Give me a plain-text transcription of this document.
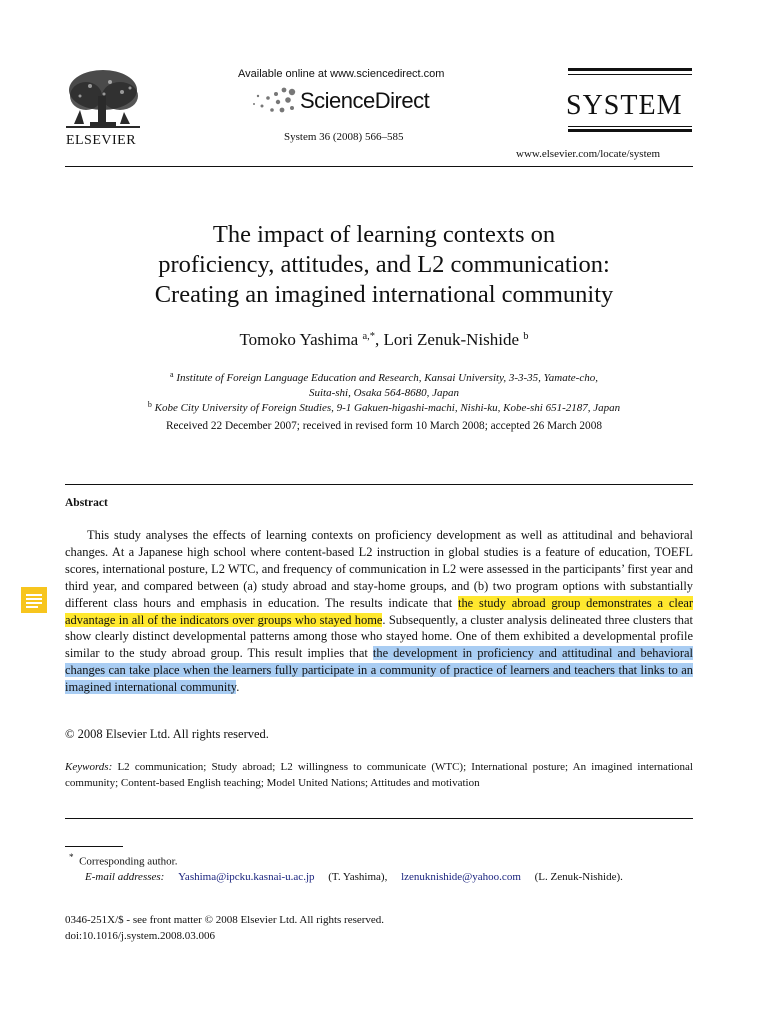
ELSEVIER
Available online at www.sciencedirect.com
ScienceDirect
System 36 (2008) 566–585
SYSTEM
www.elsevier.com/locate/system
The impact of learning contexts on
proficiency, attitudes, and L2 communication:
Creating an imagined international community
Tomoko Yashima $^{a,*}$, Lori Zenuk-Nishide $^b$
$^a$ Institute of Foreign Language Education and Research, Kansai University, 3-3-35, Yamate-cho,
Suita-shi, Osaka 564-8680, Japan
$^b$ Kobe City University of Foreign Studies, 9-1 Gakuen-higashi-machi, Nishi-ku, Kobe-shi 651-2187, Japan
Received 22 December 2007; received in revised form 10 March 2008; accepted 26 March 2008
Abstract

This study analyses the effects of learning contexts on proficiency development as well as attitudinal and behavioral changes. At a Japanese high school where content-based L2 instruction in global studies is a feature of education, TOEFL scores, international posture, L2 WTC, and frequency of communication in L2 were assessed in the participants’ first year and third year, and compared between (a) study abroad and stay-home groups, and (b) two program options with substantially different class hours and emphasis in education. The results indicate that the study abroad group demonstrates a clear advantage in all of the indicators over groups who stayed home. Subsequently, a cluster analysis delineated three clusters that show clearly distinct developmental patterns among those who stayed home. One of them exhibited a developmental profile similar to the study abroad group. This result implies that the development in proficiency and attitudinal and behavioral changes can take place when the learners fully participate in a community of practice of learners and teachers that links to an imagined international community.

© 2008 Elsevier Ltd. All rights reserved.
Keywords: L2 communication; Study abroad; L2 willingness to communicate (WTC); International posture; An imagined international community; Content-based English teaching; Model United Nations; Attitudes and motivation
* Corresponding author.
E-mail addresses: Yashima@ipcku.kasnai-u.ac.jp (T. Yashima), lzenuknishide@yahoo.com (L. Zenuk-Nishide).
0346-251X/$ - see front matter © 2008 Elsevier Ltd. All rights reserved.
doi:10.1016/j.system.2008.03.006
